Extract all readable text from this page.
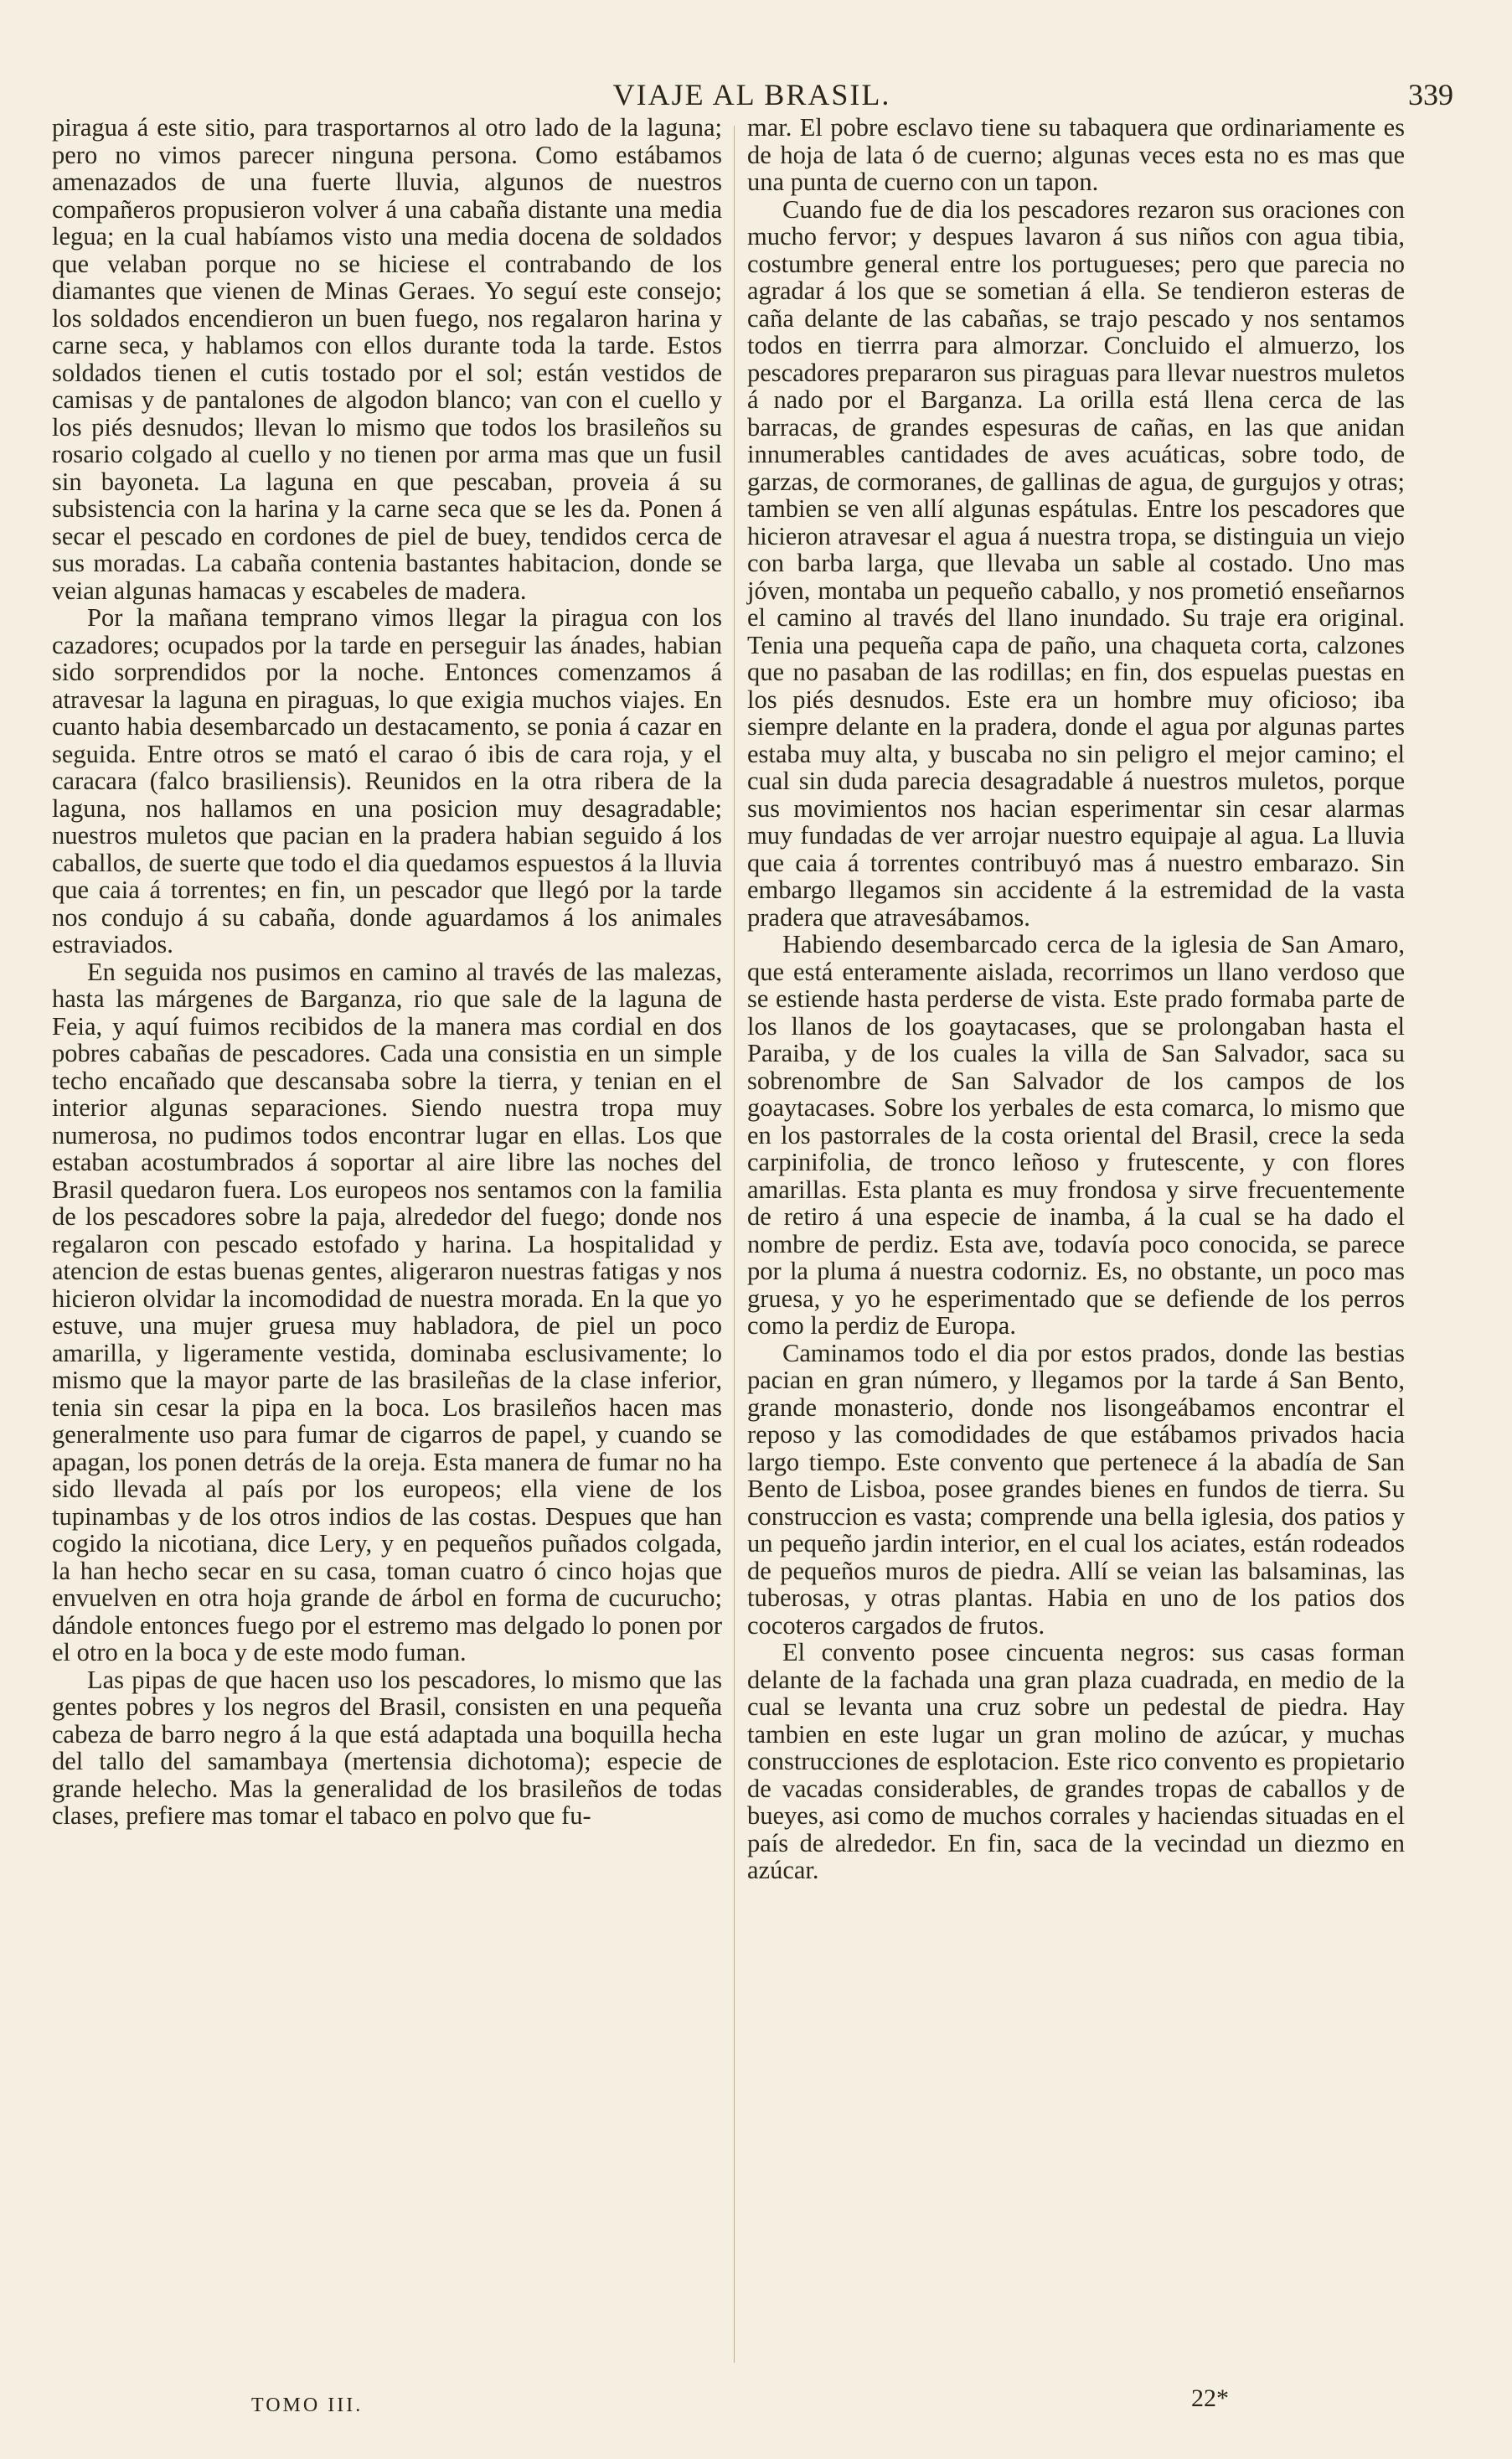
VIAJE AL BRASIL.	339

piragua á este sitio, para trasportarnos al otro lado de la laguna; pero no vimos parecer ninguna persona. Como estábamos amenazados de una fuerte lluvia, algunos de nuestros compañeros propusieron volver á una cabaña distante una media legua; en la cual habíamos visto una media docena de soldados que velaban porque no se hiciese el contrabando de los diamantes que vienen de Minas Geraes. Yo seguí este consejo; los soldados encendieron un buen fuego, nos regalaron harina y carne seca, y hablamos con ellos durante toda la tarde. Estos soldados tienen el cutis tostado por el sol; están vestidos de camisas y de pantalones de algodon blanco; van con el cuello y los piés desnudos; llevan lo mismo que todos los brasileños su rosario colgado al cuello y no tienen por arma mas que un fusil sin bayoneta. La laguna en que pescaban, proveia á su subsistencia con la harina y la carne seca que se les da. Ponen á secar el pescado en cordones de piel de buey, tendidos cerca de sus moradas. La cabaña contenia bastantes habitacion, donde se veian algunas hamacas y escabeles de madera.

Por la mañana temprano vimos llegar la piragua con los cazadores; ocupados por la tarde en perseguir las ánades, habian sido sorprendidos por la noche. Entonces comenzamos á atravesar la laguna en piraguas, lo que exigia muchos viajes. En cuanto habia desembarcado un destacamento, se ponia á cazar en seguida. Entre otros se mató el carao ó ibis de cara roja, y el caracara (falco brasiliensis). Reunidos en la otra ribera de la laguna, nos hallamos en una posicion muy desagradable; nuestros muletos que pacian en la pradera habian seguido á los caballos, de suerte que todo el dia quedamos espuestos á la lluvia que caia á torrentes; en fin, un pescador que llegó por la tarde nos condujo á su cabaña, donde aguardamos á los animales estraviados.

En seguida nos pusimos en camino al través de las malezas, hasta las márgenes de Barganza, rio que sale de la laguna de Feia, y aquí fuimos recibidos de la manera mas cordial en dos pobres cabañas de pescadores. Cada una consistia en un simple techo encañado que descansaba sobre la tierra, y tenian en el interior algunas separaciones. Siendo nuestra tropa muy numerosa, no pudimos todos encontrar lugar en ellas. Los que estaban acostumbrados á soportar al aire libre las noches del Brasil quedaron fuera. Los europeos nos sentamos con la familia de los pescadores sobre la paja, alrededor del fuego; donde nos regalaron con pescado estofado y harina. La hospitalidad y atencion de estas buenas gentes, aligeraron nuestras fatigas y nos hicieron olvidar la incomodidad de nuestra morada. En la que yo estuve, una mujer gruesa muy habladora, de piel un poco amarilla, y ligeramente vestida, dominaba esclusivamente; lo mismo que la mayor parte de las brasileñas de la clase inferior, tenia sin cesar la pipa en la boca. Los brasileños hacen mas generalmente uso para fumar de cigarros de papel, y cuando se apagan, los ponen detrás de la oreja. Esta manera de fumar no ha sido llevada al país por los europeos; ella viene de los tupinambas y de los otros indios de las costas. Despues que han cogido la nicotiana, dice Lery, y en pequeños puñados colgada, la han hecho secar en su casa, toman cuatro ó cinco hojas que envuelven en otra hoja grande de árbol en forma de cucurucho; dándole entonces fuego por el estremo mas delgado lo ponen por el otro en la boca y de este modo fuman.

Las pipas de que hacen uso los pescadores, lo mismo que las gentes pobres y los negros del Brasil, consisten en una pequeña cabeza de barro negro á la que está adaptada una boquilla hecha del tallo del samambaya (mertensia dichotoma); especie de grande helecho. Mas la generalidad de los brasileños de todas clases, prefiere mas tomar el tabaco en polvo que fu-

mar. El pobre esclavo tiene su tabaquera que ordinariamente es de hoja de lata ó de cuerno; algunas veces esta no es mas que una punta de cuerno con un tapon.

Cuando fue de dia los pescadores rezaron sus oraciones con mucho fervor; y despues lavaron á sus niños con agua tibia, costumbre general entre los portugueses; pero que parecia no agradar á los que se sometian á ella. Se tendieron esteras de caña delante de las cabañas, se trajo pescado y nos sentamos todos en tierrra para almorzar. Concluido el almuerzo, los pescadores prepararon sus piraguas para llevar nuestros muletos á nado por el Barganza. La orilla está llena cerca de las barracas, de grandes espesuras de cañas, en las que anidan innumerables cantidades de aves acuáticas, sobre todo, de garzas, de cormoranes, de gallinas de agua, de gurgujos y otras; tambien se ven allí algunas espátulas. Entre los pescadores que hicieron atravesar el agua á nuestra tropa, se distinguia un viejo con barba larga, que llevaba un sable al costado. Uno mas jóven, montaba un pequeño caballo, y nos prometió enseñarnos el camino al través del llano inundado. Su traje era original. Tenia una pequeña capa de paño, una chaqueta corta, calzones que no pasaban de las rodillas; en fin, dos espuelas puestas en los piés desnudos. Este era un hombre muy oficioso; iba siempre delante en la pradera, donde el agua por algunas partes estaba muy alta, y buscaba no sin peligro el mejor camino; el cual sin duda parecia desagradable á nuestros muletos, porque sus movimientos nos hacian esperimentar sin cesar alarmas muy fundadas de ver arrojar nuestro equipaje al agua. La lluvia que caia á torrentes contribuyó mas á nuestro embarazo. Sin embargo llegamos sin accidente á la estremidad de la vasta pradera que atravesábamos.

Habiendo desembarcado cerca de la iglesia de San Amaro, que está enteramente aislada, recorrimos un llano verdoso que se estiende hasta perderse de vista. Este prado formaba parte de los llanos de los goaytacases, que se prolongaban hasta el Paraiba, y de los cuales la villa de San Salvador, saca su sobrenombre de San Salvador de los campos de los goaytacases. Sobre los yerbales de esta comarca, lo mismo que en los pastorrales de la costa oriental del Brasil, crece la seda carpinifolia, de tronco leñoso y frutescente, y con flores amarillas. Esta planta es muy frondosa y sirve frecuentemente de retiro á una especie de inamba, á la cual se ha dado el nombre de perdiz. Esta ave, todavía poco conocida, se parece por la pluma á nuestra codorniz. Es, no obstante, un poco mas gruesa, y yo he esperimentado que se defiende de los perros como la perdiz de Europa.

Caminamos todo el dia por estos prados, donde las bestias pacian en gran número, y llegamos por la tarde á San Bento, grande monasterio, donde nos lisongeábamos encontrar el reposo y las comodidades de que estábamos privados hacia largo tiempo. Este convento que pertenece á la abadía de San Bento de Lisboa, posee grandes bienes en fundos de tierra. Su construccion es vasta; comprende una bella iglesia, dos patios y un pequeño jardin interior, en el cual los aciates, están rodeados de pequeños muros de piedra. Allí se veian las balsaminas, las tuberosas, y otras plantas. Habia en uno de los patios dos cocoteros cargados de frutos.

El convento posee cincuenta negros: sus casas forman delante de la fachada una gran plaza cuadrada, en medio de la cual se levanta una cruz sobre un pedestal de piedra. Hay tambien en este lugar un gran molino de azúcar, y muchas construcciones de esplotacion. Este rico convento es propietario de vacadas considerables, de grandes tropas de caballos y de bueyes, asi como de muchos corrales y haciendas situadas en el país de alrededor. En fin, saca de la vecindad un diezmo en azúcar.

TOMO III.	22*
